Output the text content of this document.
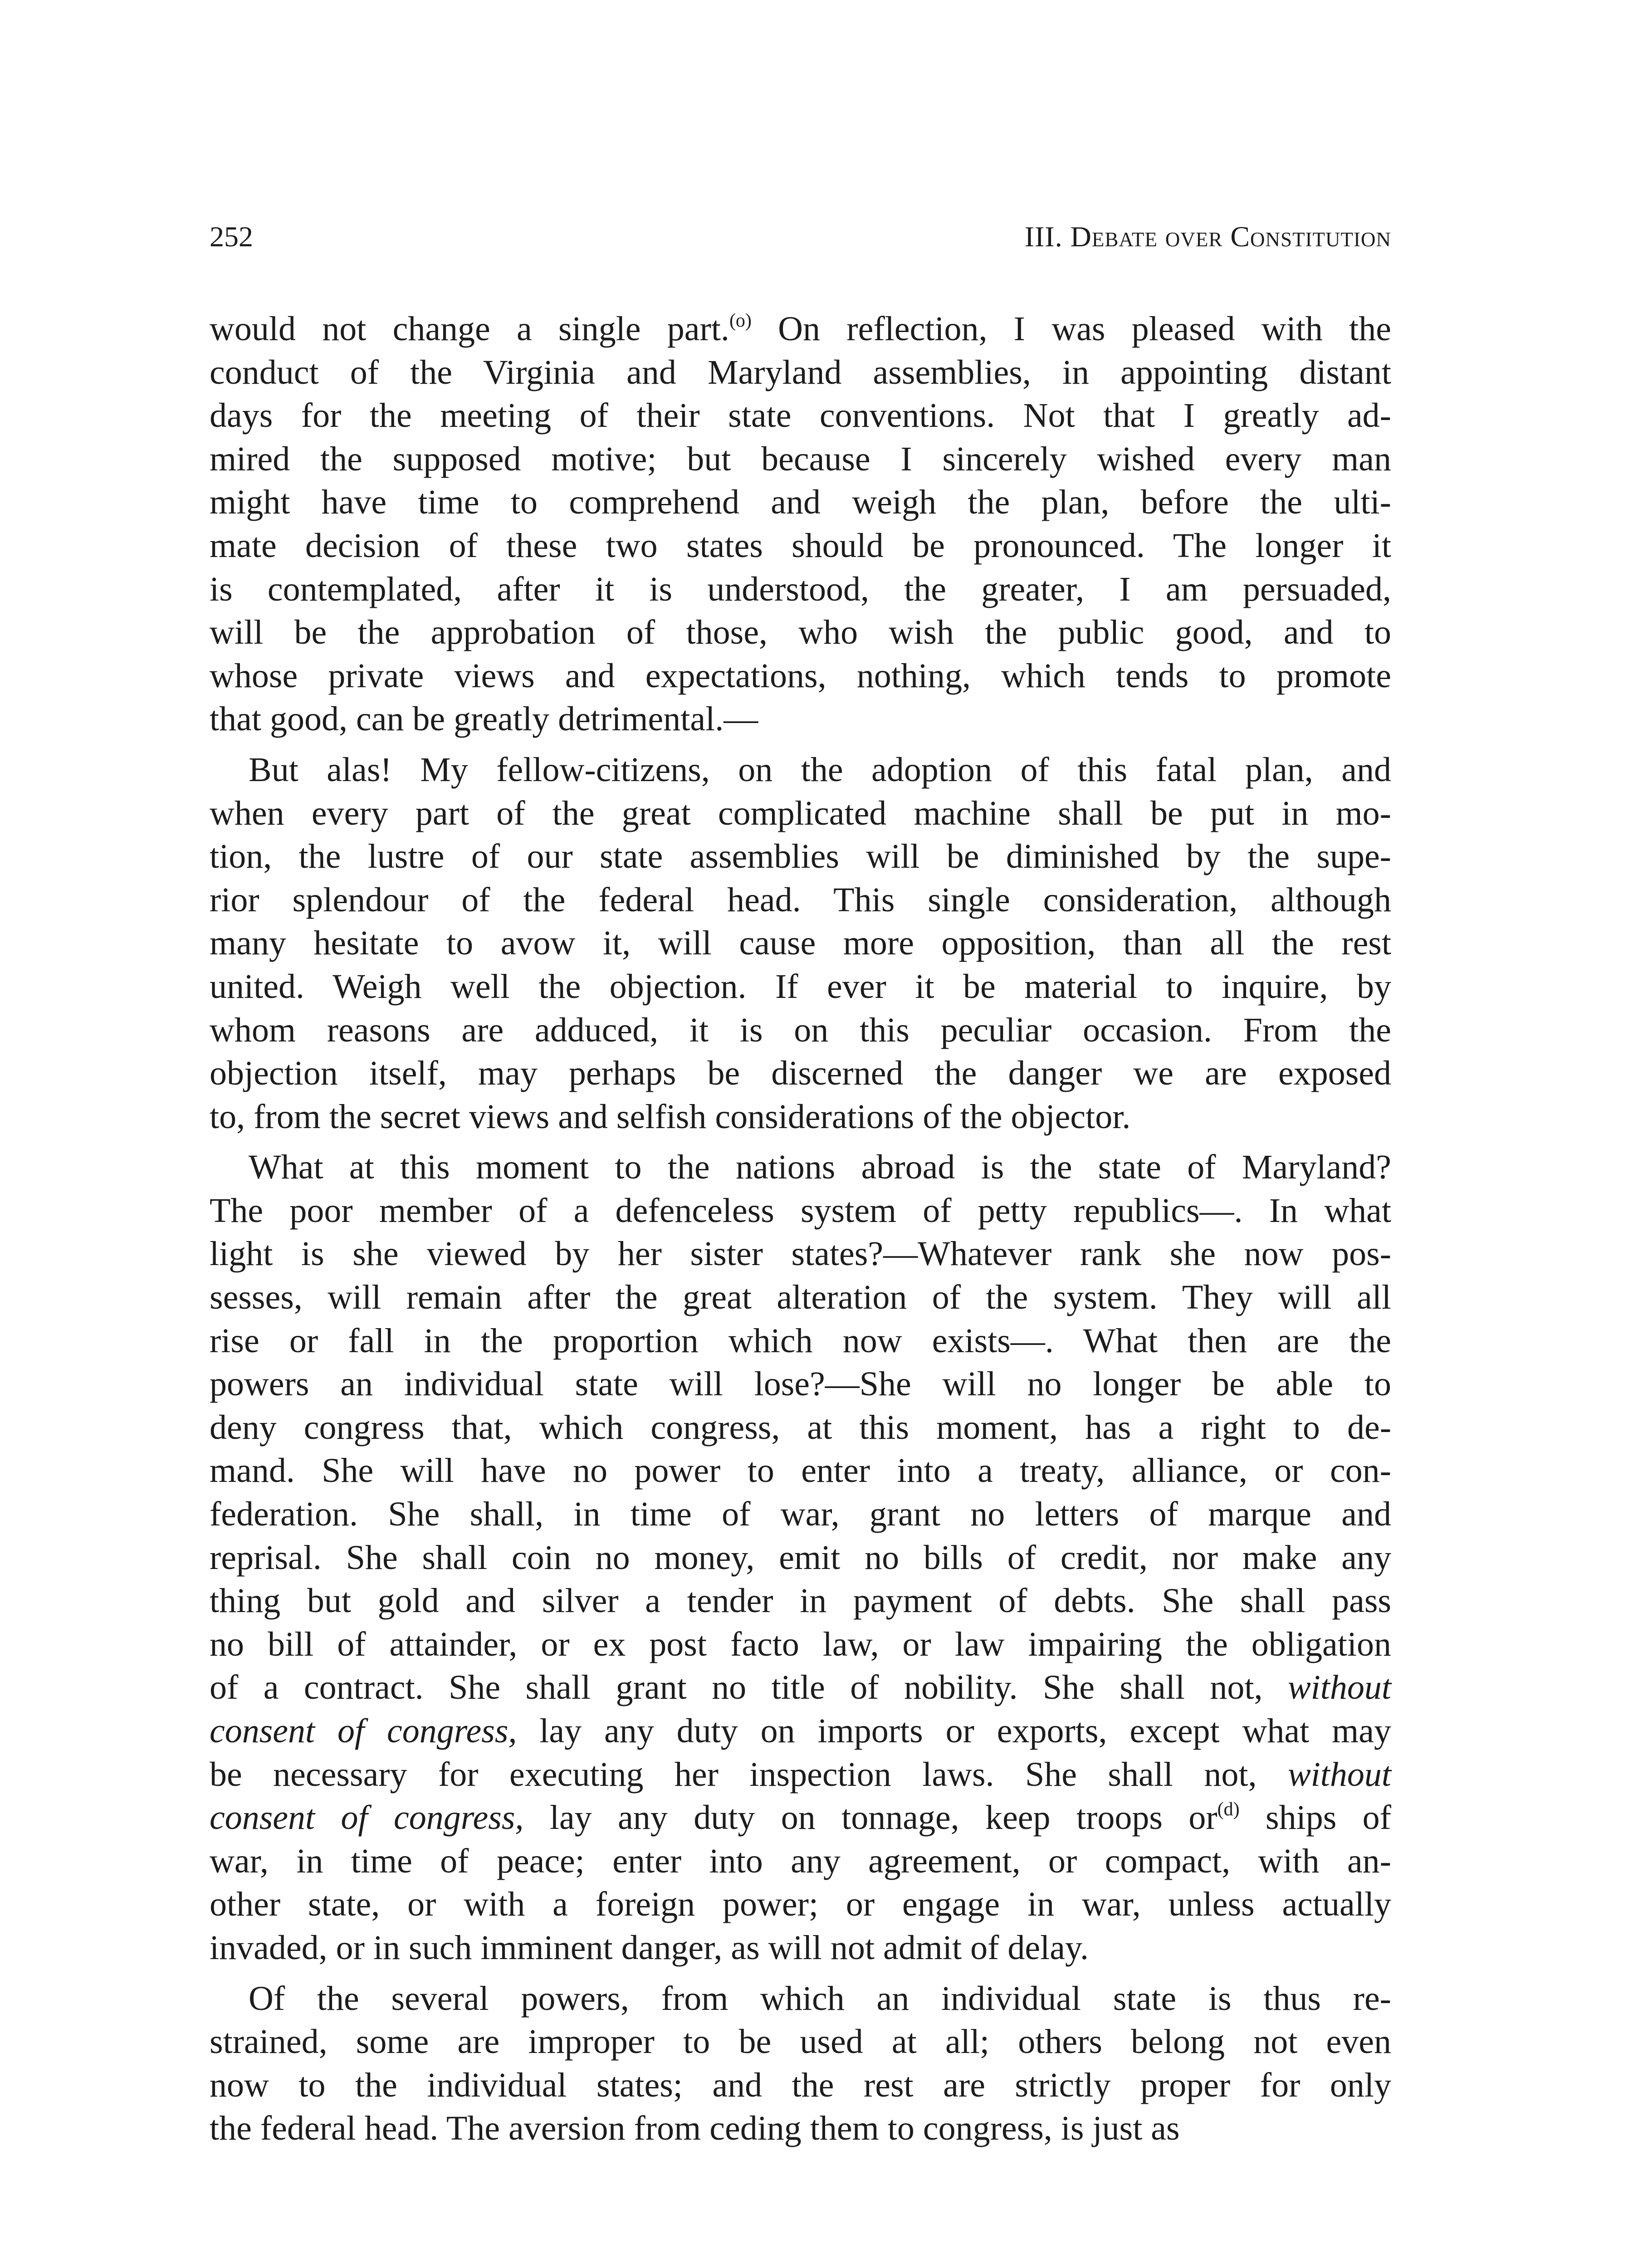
252	III. Debate over Constitution

would not change a single part.$^{(o)}$ On reflection, I was pleased with the
conduct of the Virginia and Maryland assemblies, in appointing distant
days for the meeting of their state conventions. Not that I greatly ad-
mired the supposed motive; but because I sincerely wished every man
might have time to comprehend and weigh the plan, before the ulti-
mate decision of these two states should be pronounced. The longer it
is contemplated, after it is understood, the greater, I am persuaded,
will be the approbation of those, who wish the public good, and to
whose private views and expectations, nothing, which tends to promote
that good, can be greatly detrimental.—

But alas! My fellow-citizens, on the adoption of this fatal plan, and
when every part of the great complicated machine shall be put in mo-
tion, the lustre of our state assemblies will be diminished by the supe-
rior splendour of the federal head. This single consideration, although
many hesitate to avow it, will cause more opposition, than all the rest
united. Weigh well the objection. If ever it be material to inquire, by
whom reasons are adduced, it is on this peculiar occasion. From the
objection itself, may perhaps be discerned the danger we are exposed
to, from the secret views and selfish considerations of the objector.

What at this moment to the nations abroad is the state of Maryland?
The poor member of a defenceless system of petty republics—. In what
light is she viewed by her sister states?—Whatever rank she now pos-
sesses, will remain after the great alteration of the system. They will all
rise or fall in the proportion which now exists—. What then are the
powers an individual state will lose?—She will no longer be able to
deny congress that, which congress, at this moment, has a right to de-
mand. She will have no power to enter into a treaty, alliance, or con-
federation. She shall, in time of war, grant no letters of marque and
reprisal. She shall coin no money, emit no bills of credit, nor make any
thing but gold and silver a tender in payment of debts. She shall pass
no bill of attainder, or ex post facto law, or law impairing the obligation
of a contract. She shall grant no title of nobility. She shall not, without
consent of congress, lay any duty on imports or exports, except what may
be necessary for executing her inspection laws. She shall not, without
consent of congress, lay any duty on tonnage, keep troops $or^{(d)}$ ships of
war, in time of peace; enter into any agreement, or compact, with an-
other state, or with a foreign power; or engage in war, unless actually
invaded, or in such imminent danger, as will not admit of delay.

Of the several powers, from which an individual state is thus re-
strained, some are improper to be used at all; others belong not even
now to the individual states; and the rest are strictly proper for only
the federal head. The aversion from ceding them to congress, is just as
